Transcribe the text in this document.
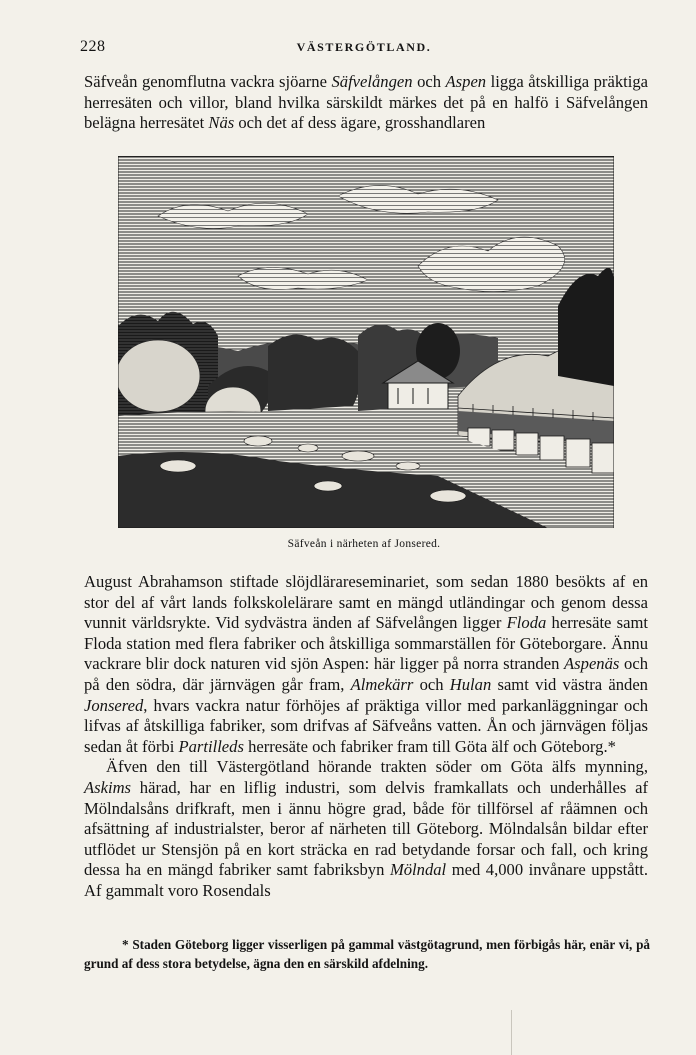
228	VÄSTERGÖTLAND.

Säfveån genomflutna vackra sjöarne Säfvelången och Aspen ligga åtskilliga präktiga herresäten och villor, bland hvilka särskildt märkes det på en halfö i Säfvelången belägna herresätet Näs och det af dess ägare, grosshandlaren

Säfveån i närheten af Jonsered.

August Abrahamson stiftade slöjdlärareseminariet, som sedan 1880 besökts af en stor del af vårt lands folkskolelärare samt en mängd utländingar och genom dessa vunnit världsrykte. Vid sydvästra änden af Säfvelången ligger Floda herresäte samt Floda station med flera fabriker och åtskilliga sommarställen för Göteborgare. Ännu vackrare blir dock naturen vid sjön Aspen: här ligger på norra stranden Aspenäs och på den södra, där järnvägen går fram, Almekärr och Hulan samt vid västra änden Jonsered, hvars vackra natur förhöjes af präktiga villor med parkanläggningar och lifvas af åtskilliga fabriker, som drifvas af Säfveåns vatten. Ån och järnvägen följas sedan åt förbi Partilleds herresäte och fabriker fram till Göta älf och Göteborg.*

Äfven den till Västergötland hörande trakten söder om Göta älfs mynning, Askims härad, har en liflig industri, som delvis framkallats och underhålles af Mölndalsåns drifkraft, men i ännu högre grad, både för tillförsel af råämnen och afsättning af industrialster, beror af närheten till Göteborg. Mölndalsån bildar efter utflödet ur Stensjön på en kort sträcka en rad betydande forsar och fall, och kring dessa ha en mängd fabriker samt fabriksbyn Mölndal med 4,000 invånare uppstått. Af gammalt voro Rosendals

* Staden Göteborg ligger visserligen på gammal västgötagrund, men förbigås här, enär vi, på grund af dess stora betydelse, ägna den en särskild afdelning.
